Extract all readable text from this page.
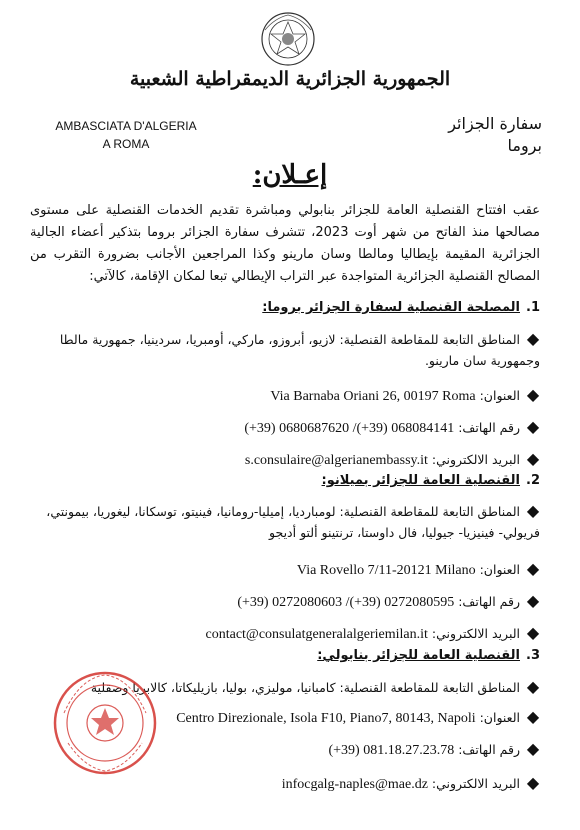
الجمهورية الجزائرية الديمقراطية الشعبية
AMBASCIATA D'ALGERIA
A ROMA
سفارة الجزائر
بروما
إعـلان:
عقب افتتاح القنصلية العامة للجزائر بنابولي ومباشرة تقديم الخدمات القنصلية على مستوى مصالحها منذ الفاتح من شهر أوت 2023، تتشرف سفارة الجزائر بروما بتذكير أعضاء الجالية الجزائرية المقيمة بإيطاليا ومالطا وسان مارينو وكذا المراجعين الأجانب بضرورة التقرب من المصالح القنصلية الجزائرية المتواجدة عبر التراب الإيطالي تبعا لمكان الإقامة، كالآتي:
1.المصلحة القنصلية لسفارة الجزائر بروما:
◆المناطق التابعة للمقاطعة القنصلية: لازيو، أبروزو، ماركي، أومبريا، سردينيا، جمهورية مالطا وجمهورية سان مارينو.
◆العنوان: Via Barnaba Oriani 26, 00197 Roma
◆رقم الهاتف: (+39) 0680687620 /(+39) 068084141
◆البريد الالكتروني: s.consulaire@algerianembassy.it
2.القنصلية العامة للجزائر بميلانو:
◆المناطق التابعة للمقاطعة القنصلية: لومبارديا، إميليا-رومانيا، فينيتو، توسكانا، ليغوريا، بيمونتي، فريولي- فينيزيا- جيوليا، فال داوستا، ترنتينو ألتو أديجو
◆العنوان: Via Rovello 7/11-20121 Milano
◆رقم الهاتف: (+39) 0272080603 /(+39) 0272080595
◆البريد الالكتروني: contact@consulatgeneralalgeriemilan.it
3.القنصلية العامة للجزائر بنابولي:
◆المناطق التابعة للمقاطعة القنصلية: كامبانيا، موليزي، بوليا، بازيليكاتا، كالابريا وصقلية
◆العنوان: Centro Direzionale, Isola F10, Piano7, 80143, Napoli
◆رقم الهاتف: (+39) 081.18.27.23.78
◆البريد الالكتروني: infocgalg-naples@mae.dz
